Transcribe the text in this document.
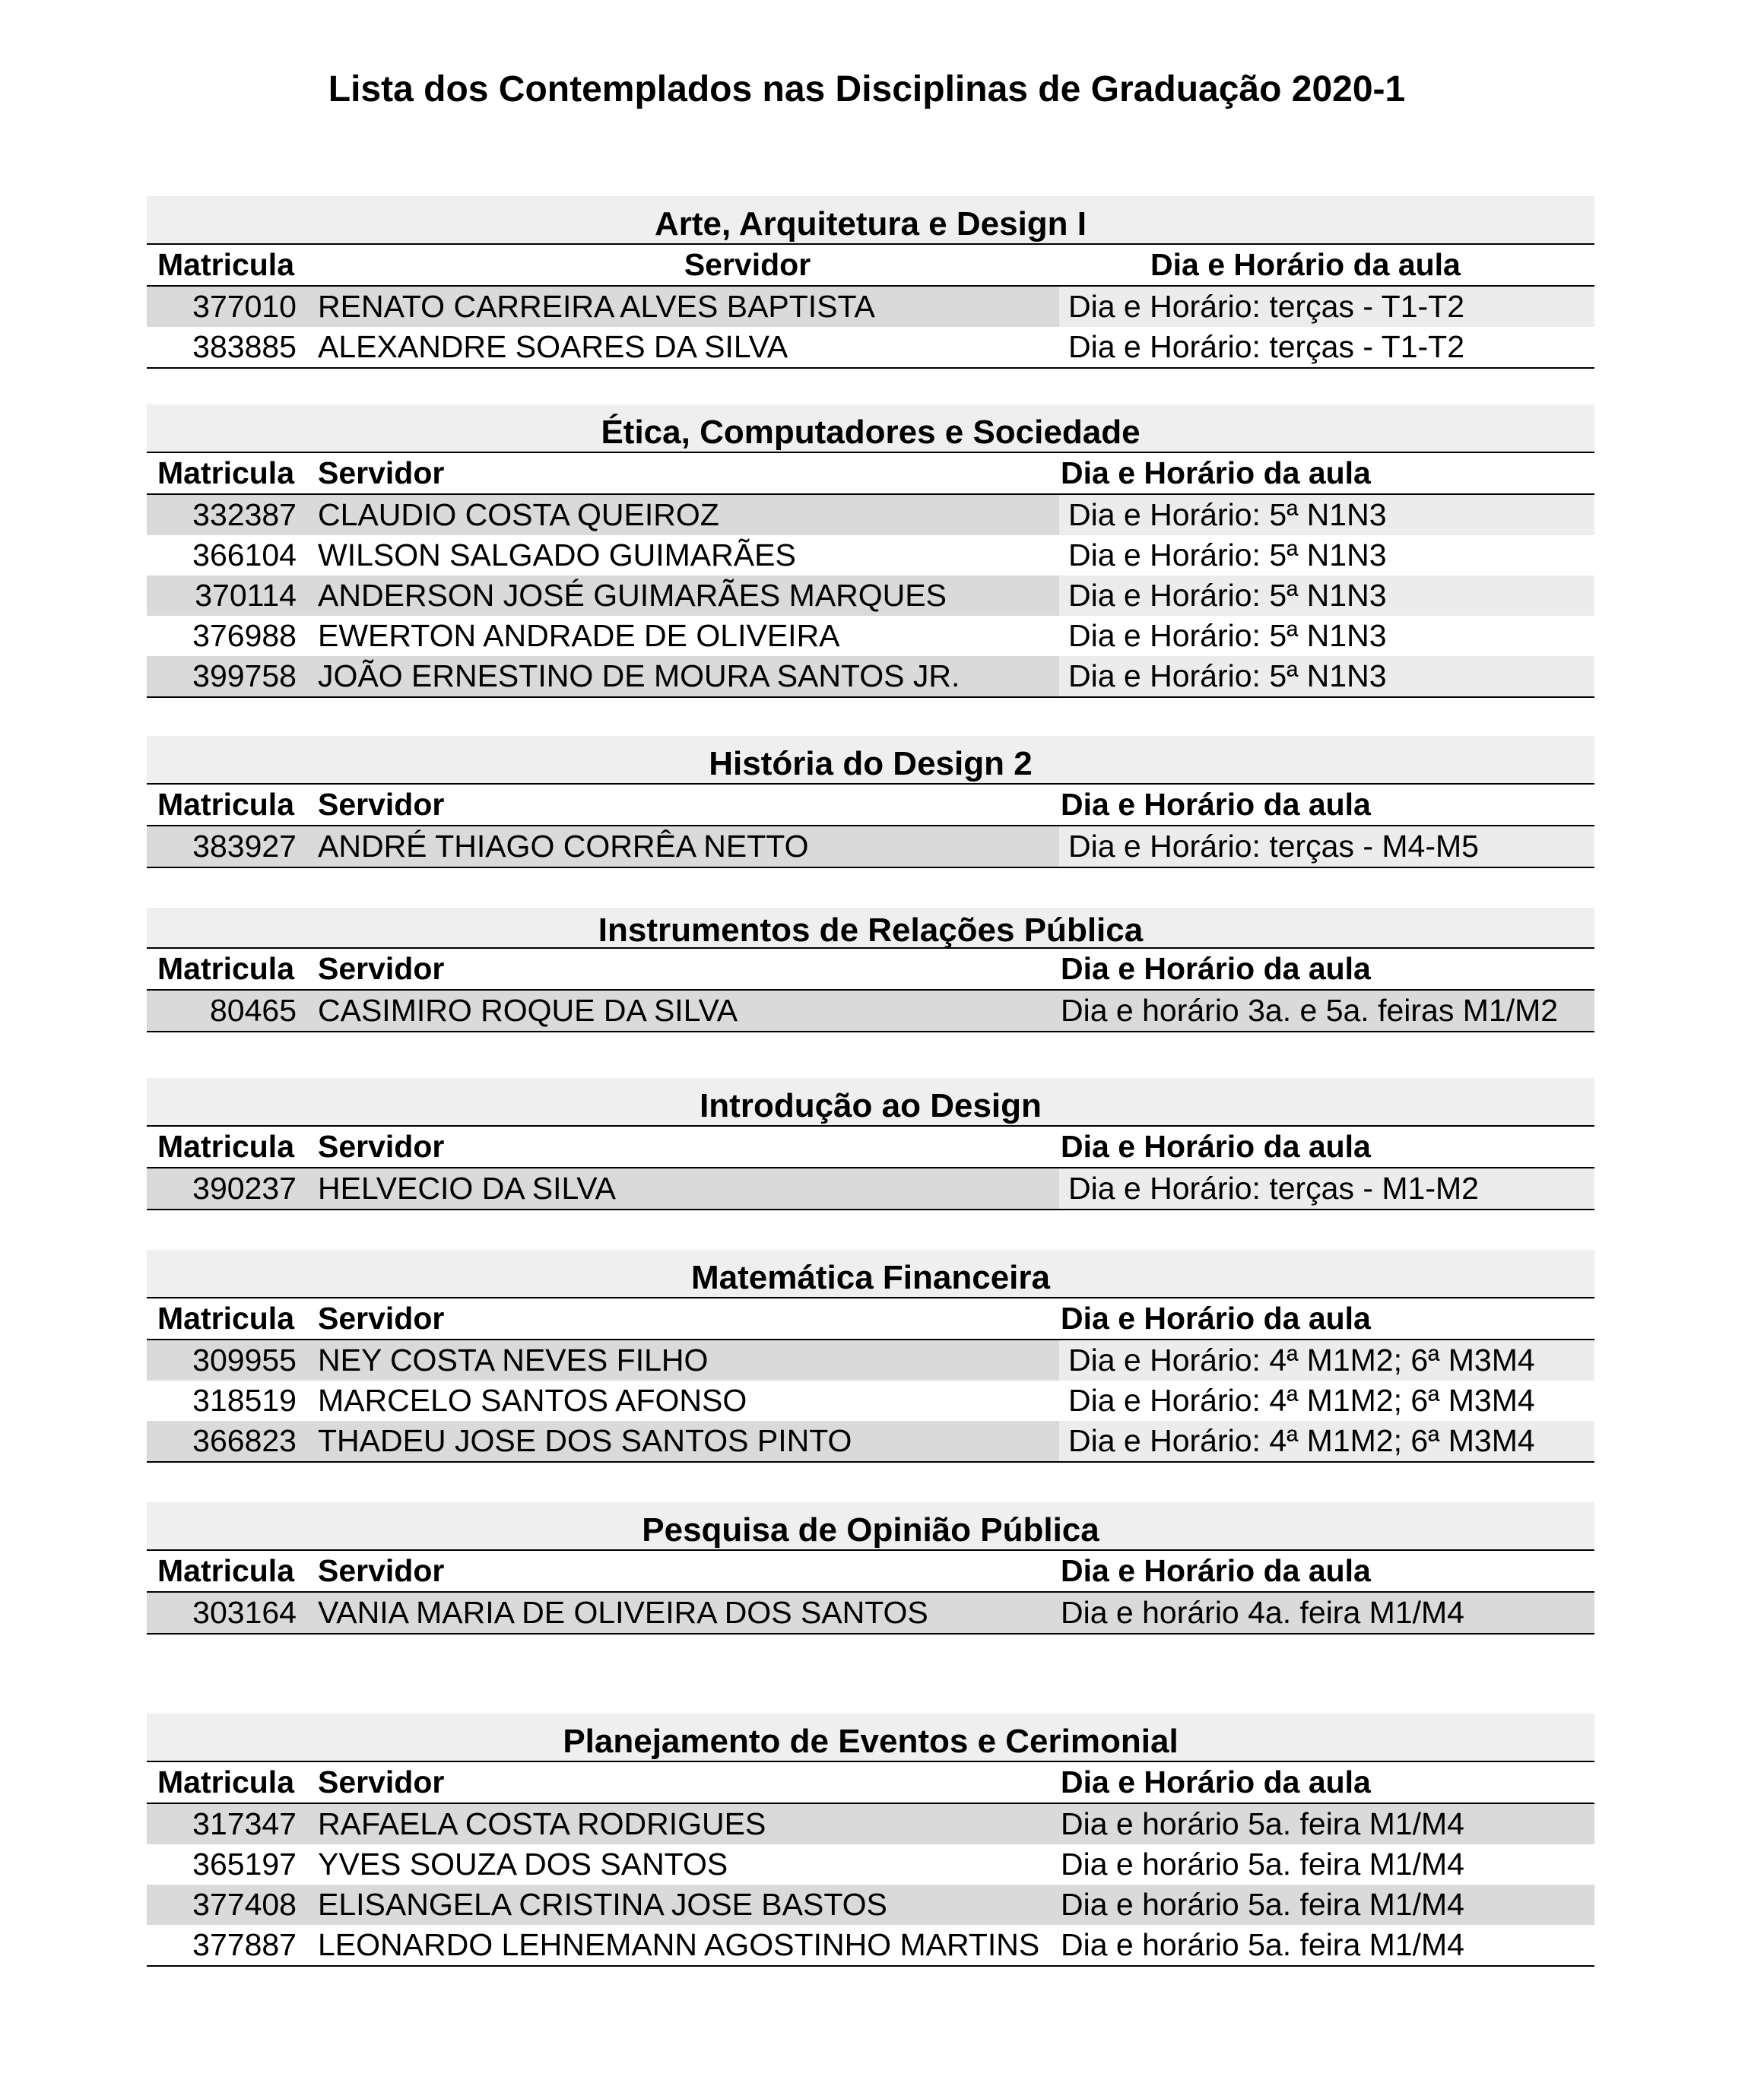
Lista dos Contemplados nas Disciplinas de Graduação 2020-1
Arte, Arquitetura e Design I
Matricula	Servidor	Dia e Horário da aula
377010 RENATO CARREIRA ALVES BAPTISTA	Dia e Horário: terças - T1-T2
383885 ALEXANDRE SOARES DA SILVA	Dia e Horário: terças - T1-T2
Ética, Computadores e Sociedade
Matricula Servidor	Dia e Horário da aula
332387 CLAUDIO COSTA QUEIROZ	Dia e Horário: 5ª N1N3
366104 WILSON SALGADO GUIMARÃES	Dia e Horário: 5ª N1N3
370114 ANDERSON JOSÉ GUIMARÃES MARQUES	Dia e Horário: 5ª N1N3
376988 EWERTON ANDRADE DE OLIVEIRA	Dia e Horário: 5ª N1N3
399758 JOÃO ERNESTINO DE MOURA SANTOS JR.	Dia e Horário: 5ª N1N3
História do Design 2
Matricula Servidor	Dia e Horário da aula
383927 ANDRÉ THIAGO CORRÊA NETTO	Dia e Horário: terças - M4-M5
Instrumentos de Relações Pública
Matricula Servidor	Dia e Horário da aula
80465 CASIMIRO ROQUE DA SILVA	Dia e horário 3a. e 5a. feiras M1/M2
Introdução ao Design
Matricula Servidor	Dia e Horário da aula
390237 HELVECIO DA SILVA	Dia e Horário: terças - M1-M2
Matemática Financeira
Matricula Servidor	Dia e Horário da aula
309955 NEY COSTA NEVES FILHO	Dia e Horário: 4ª M1M2; 6ª M3M4
318519 MARCELO SANTOS AFONSO	Dia e Horário: 4ª M1M2; 6ª M3M4
366823 THADEU JOSE DOS SANTOS PINTO	Dia e Horário: 4ª M1M2; 6ª M3M4
Pesquisa de Opinião Pública
Matricula Servidor	Dia e Horário da aula
303164 VANIA MARIA DE OLIVEIRA DOS SANTOS	Dia e horário 4a. feira M1/M4
Planejamento de Eventos e Cerimonial
Matricula Servidor	Dia e Horário da aula
317347 RAFAELA COSTA RODRIGUES	Dia e horário 5a. feira M1/M4
365197 YVES SOUZA DOS SANTOS	Dia e horário 5a. feira M1/M4
377408 ELISANGELA CRISTINA JOSE BASTOS	Dia e horário 5a. feira M1/M4
377887 LEONARDO LEHNEMANN AGOSTINHO MARTINS Dia e horário 5a. feira M1/M4
